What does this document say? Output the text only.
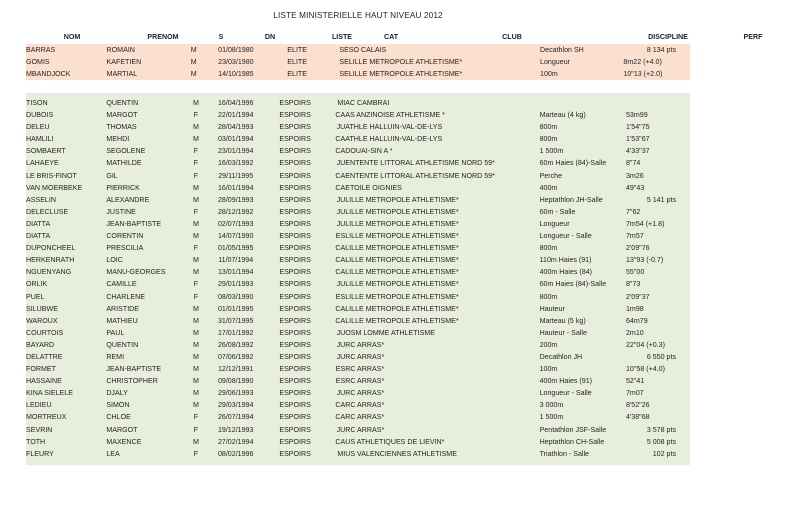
LISTE MINISTERIELLE HAUT NIVEAU 2012
NOM	PRENOM	S	DN	LISTE	CAT	CLUB	DISCIPLINE	PERF
BARRAS	ROMAIN	M	01/08/1980	ELITE	SE	SO CALAIS	Decathlon SH	8 134 pts
GOMIS	KAFETIEN	M	23/03/1980	ELITE	SE	LILLE METROPOLE ATHLETISME*	Longueur	8m22 (+4.0)
MBANDJOCK	MARTIAL	M	14/10/1985	ELITE	SE	LILLE METROPOLE ATHLETISME*	100m	10"13 (+2.0)
TISON	QUENTIN	M	16/04/1996	ESPOIRS	MI	AC CAMBRAI		
DUBOIS	MARGOT	F	22/01/1994	ESPOIRS	CA	AS ANZINOISE ATHLETISME *	Marteau (4 kg)	53m99
DELEU	THOMAS	M	28/04/1993	ESPOIRS	JU	ATHLE HALLUIN-VAL-DE-LYS	800m	1'54"75
HAMLILI	MEHDI	M	03/01/1994	ESPOIRS	CA	ATHLE HALLUIN-VAL-DE-LYS	800m	1'53"67
SOMBAERT	SEGOLENE	F	23/01/1994	ESPOIRS	CA	DOUAI-SIN A *	1 500m	4'33"37
LAHAEYE	MATHILDE	F	16/03/1992	ESPOIRS	JU	ENTENTE LITTORAL ATHLETISME NORD 59*	60m Haies (84)-Salle	8"74
LE BRIS-FINOT	GIL	F	29/11/1995	ESPOIRS	CA	ENTENTE LITTORAL ATHLETISME NORD 59*	Perche	3m26
VAN MOERBEKE	PIERRICK	M	16/01/1994	ESPOIRS	CA	ETOILE OIGNIES	400m	49"43
ASSELIN	ALEXANDRE	M	28/09/1993	ESPOIRS	JU	LILLE METROPOLE ATHLETISME*	Heptathlon JH-Salle	5 141 pts
DELECLUSE	JUSTINE	F	28/12/1992	ESPOIRS	JU	LILLE METROPOLE ATHLETISME*	60m - Salle	7"62
DIATTA	JEAN-BAPTISTE	M	02/07/1993	ESPOIRS	JU	LILLE METROPOLE ATHLETISME*	Longueur	7m54 (+1.8)
DIATTA	CORENTIN	M	14/07/1990	ESPOIRS	ES	LILLE METROPOLE ATHLETISME*	Longueur - Salle	7m57
DUPONCHEEL	PRESCILIA	F	01/05/1995	ESPOIRS	CA	LILLE METROPOLE ATHLETISME*	800m	2'09"76
HERKENRATH	LOIC	M	11/07/1994	ESPOIRS	CA	LILLE METROPOLE ATHLETISME*	110m Haies (91)	13"93 (-0.7)
NGUENYANG	MANU-GEORGES	M	13/01/1994	ESPOIRS	CA	LILLE METROPOLE ATHLETISME*	400m Haies (84)	55"00
ORLIK	CAMILLE	F	29/01/1993	ESPOIRS	JU	LILLE METROPOLE ATHLETISME*	60m Haies (84)-Salle	8"73
PUEL	CHARLENE	F	08/03/1990	ESPOIRS	ES	LILLE METROPOLE ATHLETISME*	800m	2'09"37
SILUBWE	ARISTIDE	M	01/01/1995	ESPOIRS	CA	LILLE METROPOLE ATHLETISME*	Hauteur	1m98
WAROUX	MATHIEU	M	31/07/1995	ESPOIRS	CA	LILLE METROPOLE ATHLETISME*	Marteau (5 kg)	64m79
COURTOIS	PAUL	M	17/01/1992	ESPOIRS	JU	OSM LOMME ATHLETISME	Hauteur - Salle	2m10
BAYARD	QUENTIN	M	26/08/1992	ESPOIRS	JU	RC ARRAS*	200m	22"04 (+0.3)
DELATTRE	REMI	M	07/06/1992	ESPOIRS	JU	RC ARRAS*	Decathlon JH	6 550 pts
FORMET	JEAN-BAPTISTE	M	12/12/1991	ESPOIRS	ES	RC ARRAS*	100m	10"58 (+4.0)
HASSAINE	CHRISTOPHER	M	09/08/1990	ESPOIRS	ES	RC ARRAS*	400m Haies (91)	52"41
KINA SIELELE	DJALY	M	29/06/1993	ESPOIRS	JU	RC ARRAS*	Longueur - Salle	7m07
LEDIEU	SIMON	M	29/03/1994	ESPOIRS	CA	RC ARRAS*	3 000m	8'52"26
MORTREUX	CHLOE	F	26/07/1994	ESPOIRS	CA	RC ARRAS*	1 500m	4'38"68
SEVRIN	MARGOT	F	19/12/1993	ESPOIRS	JU	RC ARRAS*	Pentathlon JSF-Salle	3 578 pts
TOTH	MAXENCE	M	27/02/1994	ESPOIRS	CA	US ATHLETIQUES DE LIEVIN*	Heptathlon CH-Salle	5 008 pts
FLEURY	LEA	F	08/02/1996	ESPOIRS	MI	US VALENCIENNES ATHLETISME	Triathlon - Salle	102 pts
